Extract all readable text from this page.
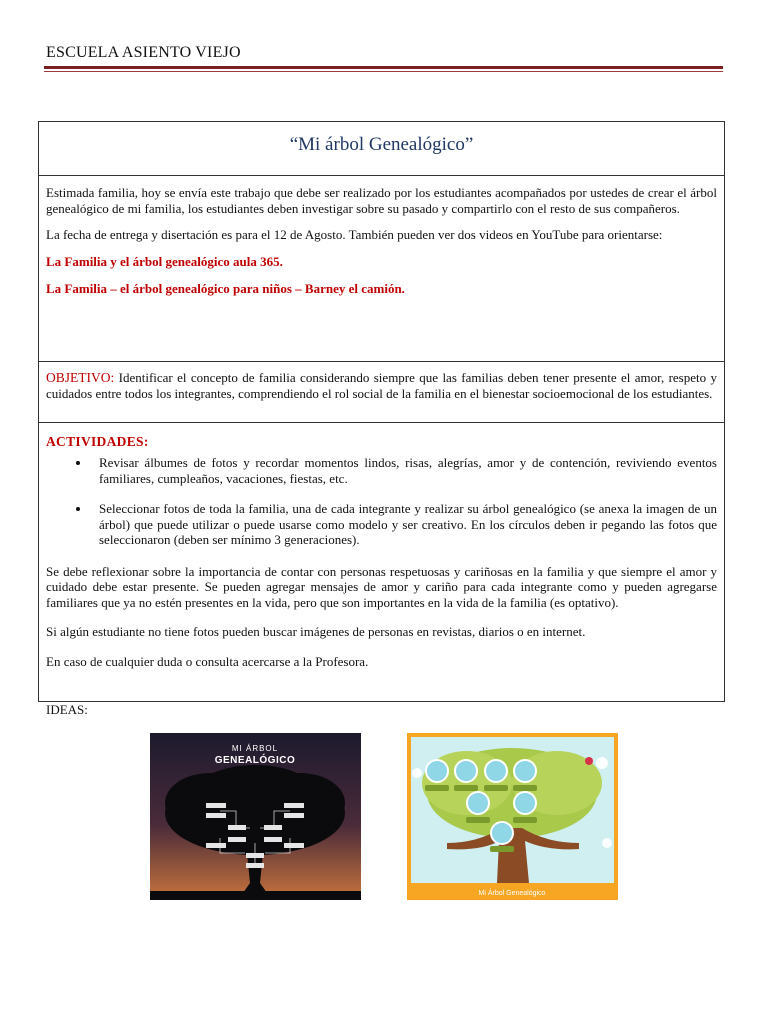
ESCUELA ASIENTO VIEJO
“Mi árbol Genealógico”

Estimada familia, hoy se envía este trabajo que debe ser realizado por los estudiantes acompañados por ustedes de crear el árbol genealógico de mi familia, los estudiantes deben investigar sobre su pasado y compartirlo con el resto de sus compañeros.

La fecha de entrega y disertación es para el 12 de Agosto. También pueden ver dos videos en YouTube para orientarse:

La Familia y el árbol genealógico aula 365.

La Familia – el árbol genealógico para niños – Barney el camión.

OBJETIVO: Identificar el concepto de familia considerando siempre que las familias deben tener presente el amor, respeto y cuidados entre todos los integrantes, comprendiendo el rol social de la familia en el bienestar socioemocional de los estudiantes.

ACTIVIDADES:
• Revisar álbumes de fotos y recordar momentos lindos, risas, alegrías, amor y de contención, reviviendo eventos familiares, cumpleaños, vacaciones, fiestas, etc.
• Seleccionar fotos de toda la familia, una de cada integrante y realizar su árbol genealógico (se anexa la imagen de un árbol) que puede utilizar o puede usarse como modelo y ser creativo. En los círculos deben ir pegando las fotos que seleccionaron (deben ser mínimo 3 generaciones).

Se debe reflexionar sobre la importancia de contar con personas respetuosas y cariñosas en la familia y que siempre el amor y cuidado debe estar presente. Se pueden agregar mensajes de amor y cariño para cada integrante como y pueden agregarse familiares que ya no estén presentes en la vida, pero que son importantes en la vida de la familia (es optativo).

Si algún estudiante no tiene fotos pueden buscar imágenes de personas en revistas, diarios o en internet.

En caso de cualquier duda o consulta acercarse a la Profesora.

IDEAS:
MI ÁRBOL
GENEALÓGICO
Mi Árbol Genealógico
